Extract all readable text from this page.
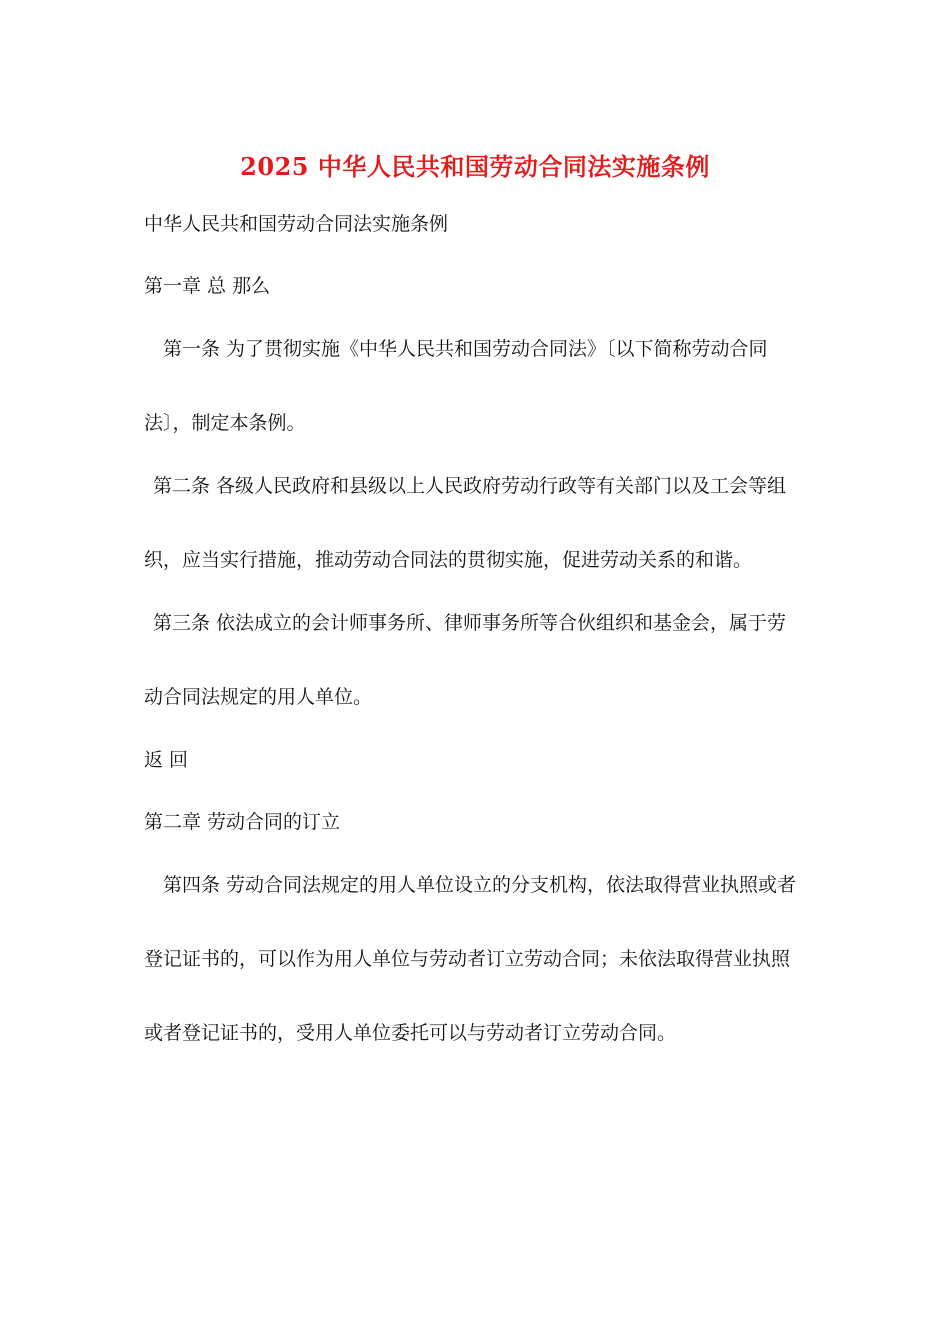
2025 中华人民共和国劳动合同法实施条例
中华人民共和国劳动合同法实施条例
第一章 总 那么
第一条 为了贯彻实施《中华人民共和国劳动合同法》〔以下简称劳动合同
法〕，制定本条例。
第二条 各级人民政府和县级以上人民政府劳动行政等有关部门以及工会等组
织，应当实行措施，推动劳动合同法的贯彻实施，促进劳动关系的和谐。
第三条 依法成立的会计师事务所、律师事务所等合伙组织和基金会，属于劳
动合同法规定的用人单位。
返 回
第二章 劳动合同的订立
第四条 劳动合同法规定的用人单位设立的分支机构，依法取得营业执照或者
登记证书的，可以作为用人单位与劳动者订立劳动合同；未依法取得营业执照
或者登记证书的，受用人单位委托可以与劳动者订立劳动合同。
